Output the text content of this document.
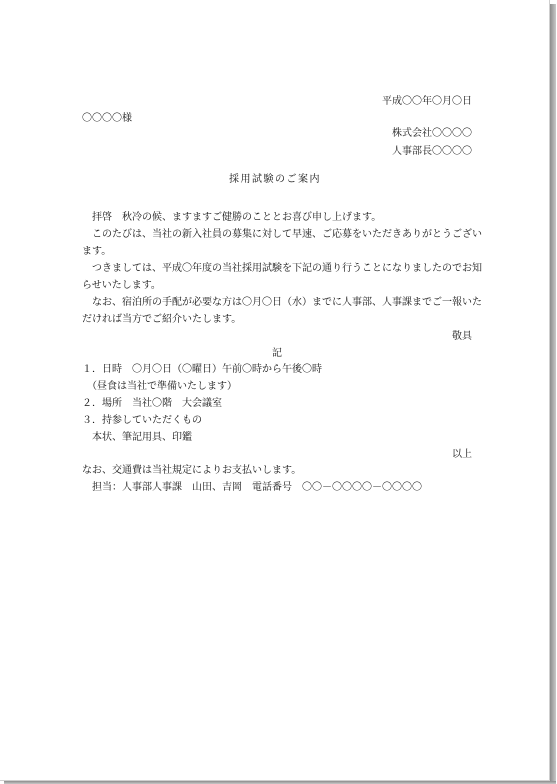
平成〇〇年〇月〇日
〇〇〇〇様
株式会社〇〇〇〇
人事部長〇〇〇〇
採用試験のご案内
　拝啓　秋冷の候、ますますご健勝のこととお喜び申し上げます。
　このたびは、当社の新入社員の募集に対して早速、ご応募をいただきありがとうござい
ます。
　つきましては、平成〇年度の当社採用試験を下記の通り行うことになりましたのでお知
らせいたします。
　なお、宿泊所の手配が必要な方は〇月〇日（水）までに人事部、人事課までご一報いた
だければ当方でご紹介いたします。
敬具
記
１．日時　〇月〇日（〇曜日）午前〇時から午後〇時
　（昼食は当社で準備いたします）
２．場所　当社〇階　大会議室
３．持参していただくもの
　本状、筆記用具、印鑑
以上
なお、交通費は当社規定によりお支払いします。
　担当：人事部人事課　山田、吉岡　電話番号　〇〇－〇〇〇〇－〇〇〇〇
